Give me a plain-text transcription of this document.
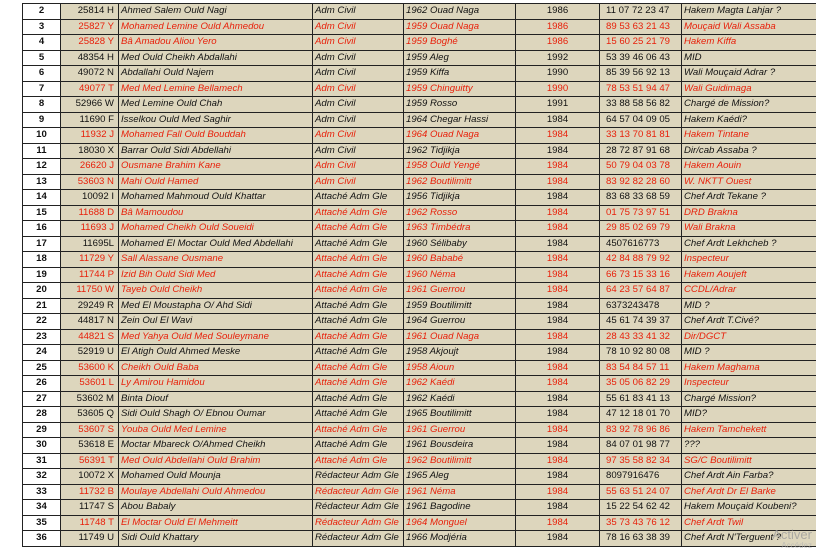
2	25814 H	Ahmed Salem Ould Nagi	Adm Civil	1962 Ouad Naga	1986	11 07 72 23 47	Hakem Magta Lahjar ?
3	25827 Y	Mohamed Lemine Ould Ahmedou	Adm Civil	1959 Ouad Naga	1986	89 53 63 21 43	Mouçaid Wali Assaba
4	25828 Y	Bâ Amadou Aliou Yero	Adm Civil	1959 Boghé	1986	15 60 25 21 79	Hakem Kiffa
5	48354 H	Med Ould Cheikh Abdallahi	Adm Civil	1959 Aleg	1992	53 39 46 06 43	MID
6	49072 N	Abdallahi Ould Najem	Adm Civil	1959 Kiffa	1990	85 39 56 92 13	Wali Mouçaid Adrar ?
7	49077 T	Med Med Lemine Bellamech	Adm Civil	1959 Chinguitty	1990	78 53 51 94 47	Wali Guidimaga
8	52966 W	Med Lemine Ould Chah	Adm Civil	1959 Rosso	1991	33 88 58 56 82	Chargé de Mission?
9	11690 F	Isselkou Ould Med Saghir	Adm Civil	1964 Chegar Hassi	1984	64 57 04 09 05	Hakem Kaédi?
10	11932 J	Mohamed Fall Ould Bouddah	Adm Civil	1964 Ouad Naga	1984	33 13 70 81 81	Hakem Tintane
11	18030 X	Barrar Ould Sidi Abdellahi	Adm Civil	1962 Tidjikja	1984	28 72 87 91 68	Dir/cab Assaba ?
12	26620 J	Ousmane Brahim Kane	Adm Civil	1958 Ould Yengé	1984	50 79 04 03 78	Hakem Aouin
13	53603 N	Mahi Ould Hamed	Adm Civil	1962 Boutilimitt	1984	83 92 82 28 60	W. NKTT Ouest
14	10092 I	Mohamed Mahmoud Ould Khattar	Attaché Adm Gle	1956 Tidjikja	1984	83 68 33 68 59	Chef Ardt Tekane ?
15	11688 D	Bâ Mamoudou	Attaché Adm Gle	1962 Rosso	1984	01 75 73 97 51	DRD Brakna
16	11693 J	Mohamed Cheikh Ould Soueidi	Attaché Adm Gle	1963 Timbédra	1984	29 85 02 69 79	Wali Brakna
17	11695L	Mohamed El Moctar Ould Med Abdellahi	Attaché Adm Gle	1960 Sélibaby	1984	4507616773	Chef Ardt Lekhcheb ?
18	11729 Y	Sall Alassane Ousmane	Attaché Adm Gle	1960 Bababé	1984	42 84 88 79 92	Inspecteur
19	11744 P	Izid Bih Ould Sidi Med	Attaché Adm Gle	1960 Néma	1984	66 73 15 33 16	Hakem Aoujeft
20	11750 W	Tayeb Ould Cheikh	Attaché Adm Gle	1961 Guerrou	1984	64 23 57 64 87	CCDL/Adrar
21	29249 R	Med El Moustapha O/ Ahd Sidi	Attaché Adm Gle	1959 Boutilimitt	1984	6373243478	MID ?
22	44817 N	Zein Oul El Wavi	Attaché Adm Gle	1964 Guerrou	1984	45 61 74 39 37	Chef Ardt T.Civé?
23	44821 S	Med Yahya Ould Med Souleymane	Attaché Adm Gle	1961 Ouad Naga	1984	28 43 33 41 32	Dir/DGCT
24	52919 U	El Atigh Ould Ahmed Meske	Attaché Adm Gle	1958 Akjoujt	1984	78 10 92 80 08	MID ?
25	53600 K	Cheikh Ould Baba	Attaché Adm Gle	1958 Aioun	1984	83 54 84 57 11	Hakem Maghama
26	53601 L	Ly Amirou Hamidou	Attaché Adm Gle	1962 Kaédi	1984	35 05 06 82 29	Inspecteur
27	53602 M	Binta Diouf	Attaché Adm Gle	1962 Kaédi	1984	55 61 83 41 13	Chargé Mission?
28	53605 Q	Sidi Ould Shagh O/ Ebnou Oumar	Attaché Adm Gle	1965 Boutilimitt	1984	47 12 18 01 70	MID?
29	53607 S	Youba Ould Med Lemine	Attaché Adm Gle	1961 Guerrou	1984	83 92 78 96 86	Hakem Tamchekett
30	53618 E	Moctar Mbareck O/Ahmed Cheikh	Attaché Adm Gle	1961 Bousdeira	1984	84 07 01 98 77	???
31	56391 T	Med Ould Abdellahi Ould Brahim	Attaché Adm Gle	1962 Boutilimitt	1984	97 35 58 82 34	SG/C Boutilimitt
32	10072 X	Mohamed Ould Mounja	Rédacteur Adm Gle	1965 Aleg	1984	8097916476	Chef Ardt Ain Farba?
33	11732 B	Moulaye Abdellahi Ould Ahmedou	Rédacteur Adm Gle	1961 Néma	1984	55 63 51 24 07	Chef Ardt Dr El Barke
34	11747 S	Abou Babaly	Rédacteur Adm Gle	1961 Bagodine	1984	15 22 54 62 42	Hakem Mouçaid Koubeni?
35	11748 T	El Moctar Ould El Mehmeitt	Rédacteur Adm Gle	1964 Monguel	1984	35 73 43 76 12	Chef Ardt Twil
36	11749 U	Sidi Ould Khattary	Rédacteur Adm Gle	1966 Modjéria	1984	78 16 63 38 39	Chef Ardt N'Terguent ?
Activer
Accédez
